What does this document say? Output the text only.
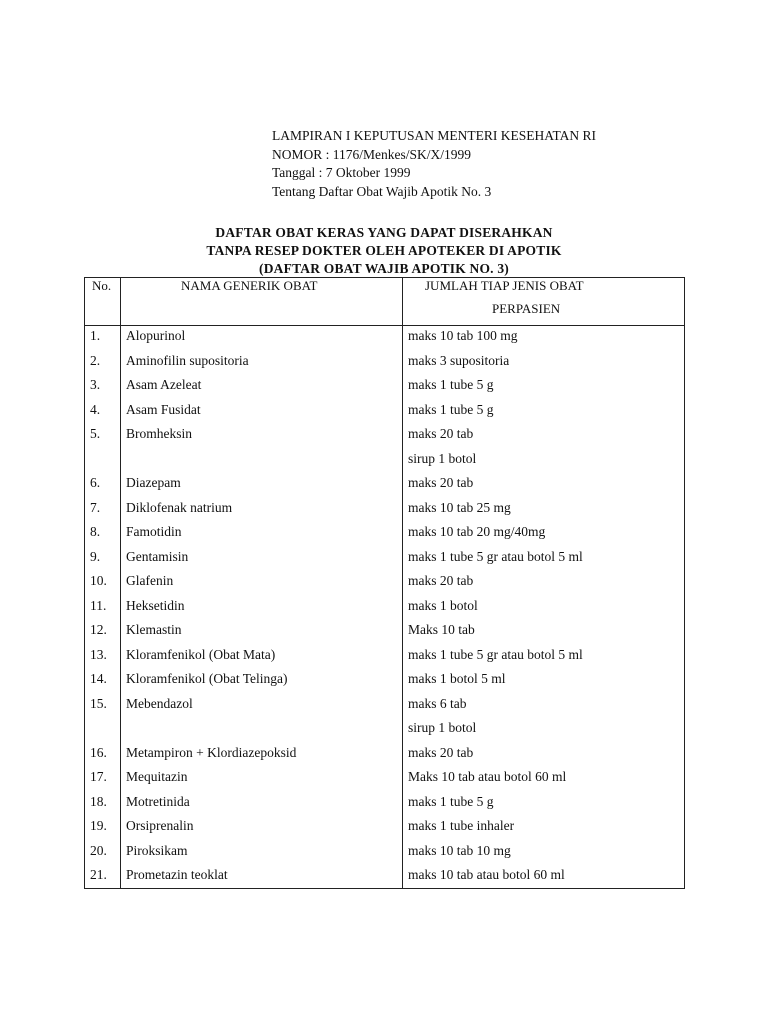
LAMPIRAN I KEPUTUSAN MENTERI KESEHATAN RI
NOMOR : 1176/Menkes/SK/X/1999
Tanggal : 7 Oktober 1999
Tentang Daftar Obat Wajib Apotik No. 3
DAFTAR OBAT KERAS YANG DAPAT DISERAHKAN
TANPA RESEP DOKTER OLEH APOTEKER DI APOTIK
(DAFTAR OBAT WAJIB APOTIK NO. 3)
No.	NAMA GENERIK OBAT	JUMLAH TIAP JENIS OBAT
PERPASIEN
1. Alopurinol	maks 10 tab 100 mg
2. Aminofilin supositoria	maks 3 supositoria
3. Asam Azeleat	maks 1 tube 5 g
4. Asam Fusidat	maks 1 tube 5 g
5. Bromheksin	maks 20 tab
sirup 1 botol
6. Diazepam	maks 20 tab
7. Diklofenak natrium	maks 10 tab 25 mg
8. Famotidin	maks 10 tab 20 mg/40mg
9. Gentamisin	maks 1 tube 5 gr atau botol 5 ml
10. Glafenin	maks 20 tab
11. Heksetidin	maks 1 botol
12. Klemastin	Maks 10 tab
13. Kloramfenikol (Obat Mata)	maks 1 tube 5 gr atau botol 5 ml
14. Kloramfenikol (Obat Telinga)	maks 1 botol 5 ml
15. Mebendazol	maks 6 tab
sirup 1 botol
16. Metampiron + Klordiazepoksid	maks 20 tab
17. Mequitazin	Maks 10 tab atau botol 60 ml
18. Motretinida	maks 1 tube 5 g
19. Orsiprenalin	maks 1 tube inhaler
20. Piroksikam	maks 10 tab 10 mg
21. Prometazin teoklat	maks 10 tab atau botol 60 ml
